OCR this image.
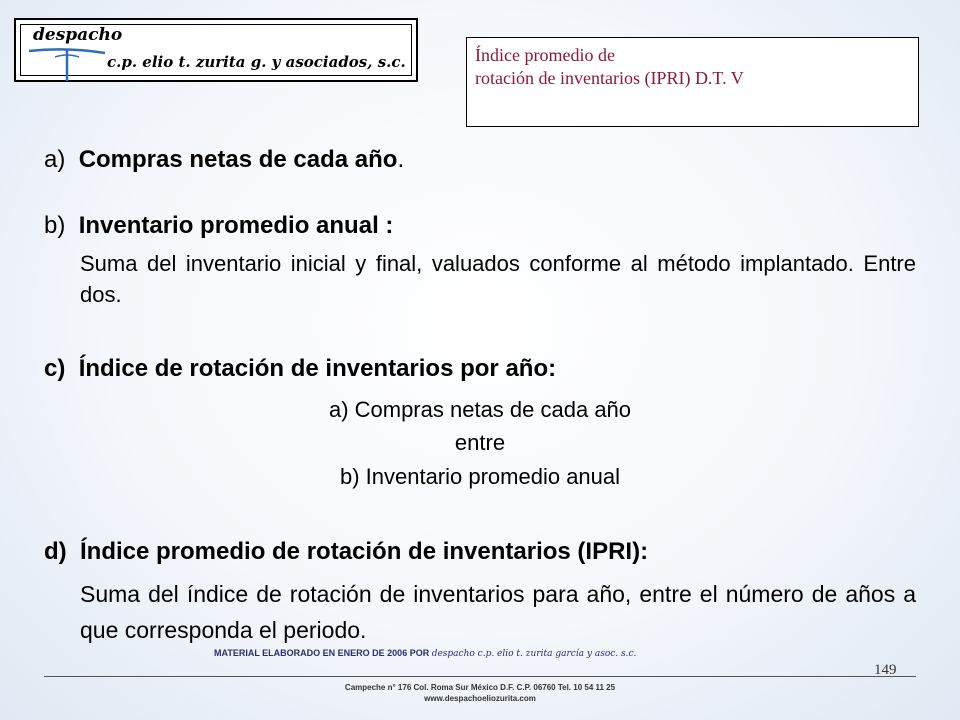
despacho
c.p. elio t. zurita g. y asociados, s.c.	Índice promedio de
rotación de inventarios (IPRI) D.T. V
a) Compras netas de cada año.
b) Inventario promedio anual :
Suma del inventario inicial y final, valuados conforme al método implantado. Entre dos.
c) Índice de rotación de inventarios por año:
a) Compras netas de cada año
entre
b) Inventario promedio anual
d) Índice promedio de rotación de inventarios (IPRI):
Suma del índice de rotación de inventarios para año, entre el número de años a que corresponda el periodo.
MATERIAL ELABORADO EN ENERO DE 2006 POR despacho c.p. elio t. zurita garcía y asoc. s.c.
149
Campeche n° 176 Col. Roma Sur México D.F. C.P. 06760 Tel. 10 54 11 25
www.despachoeliozurita.com
